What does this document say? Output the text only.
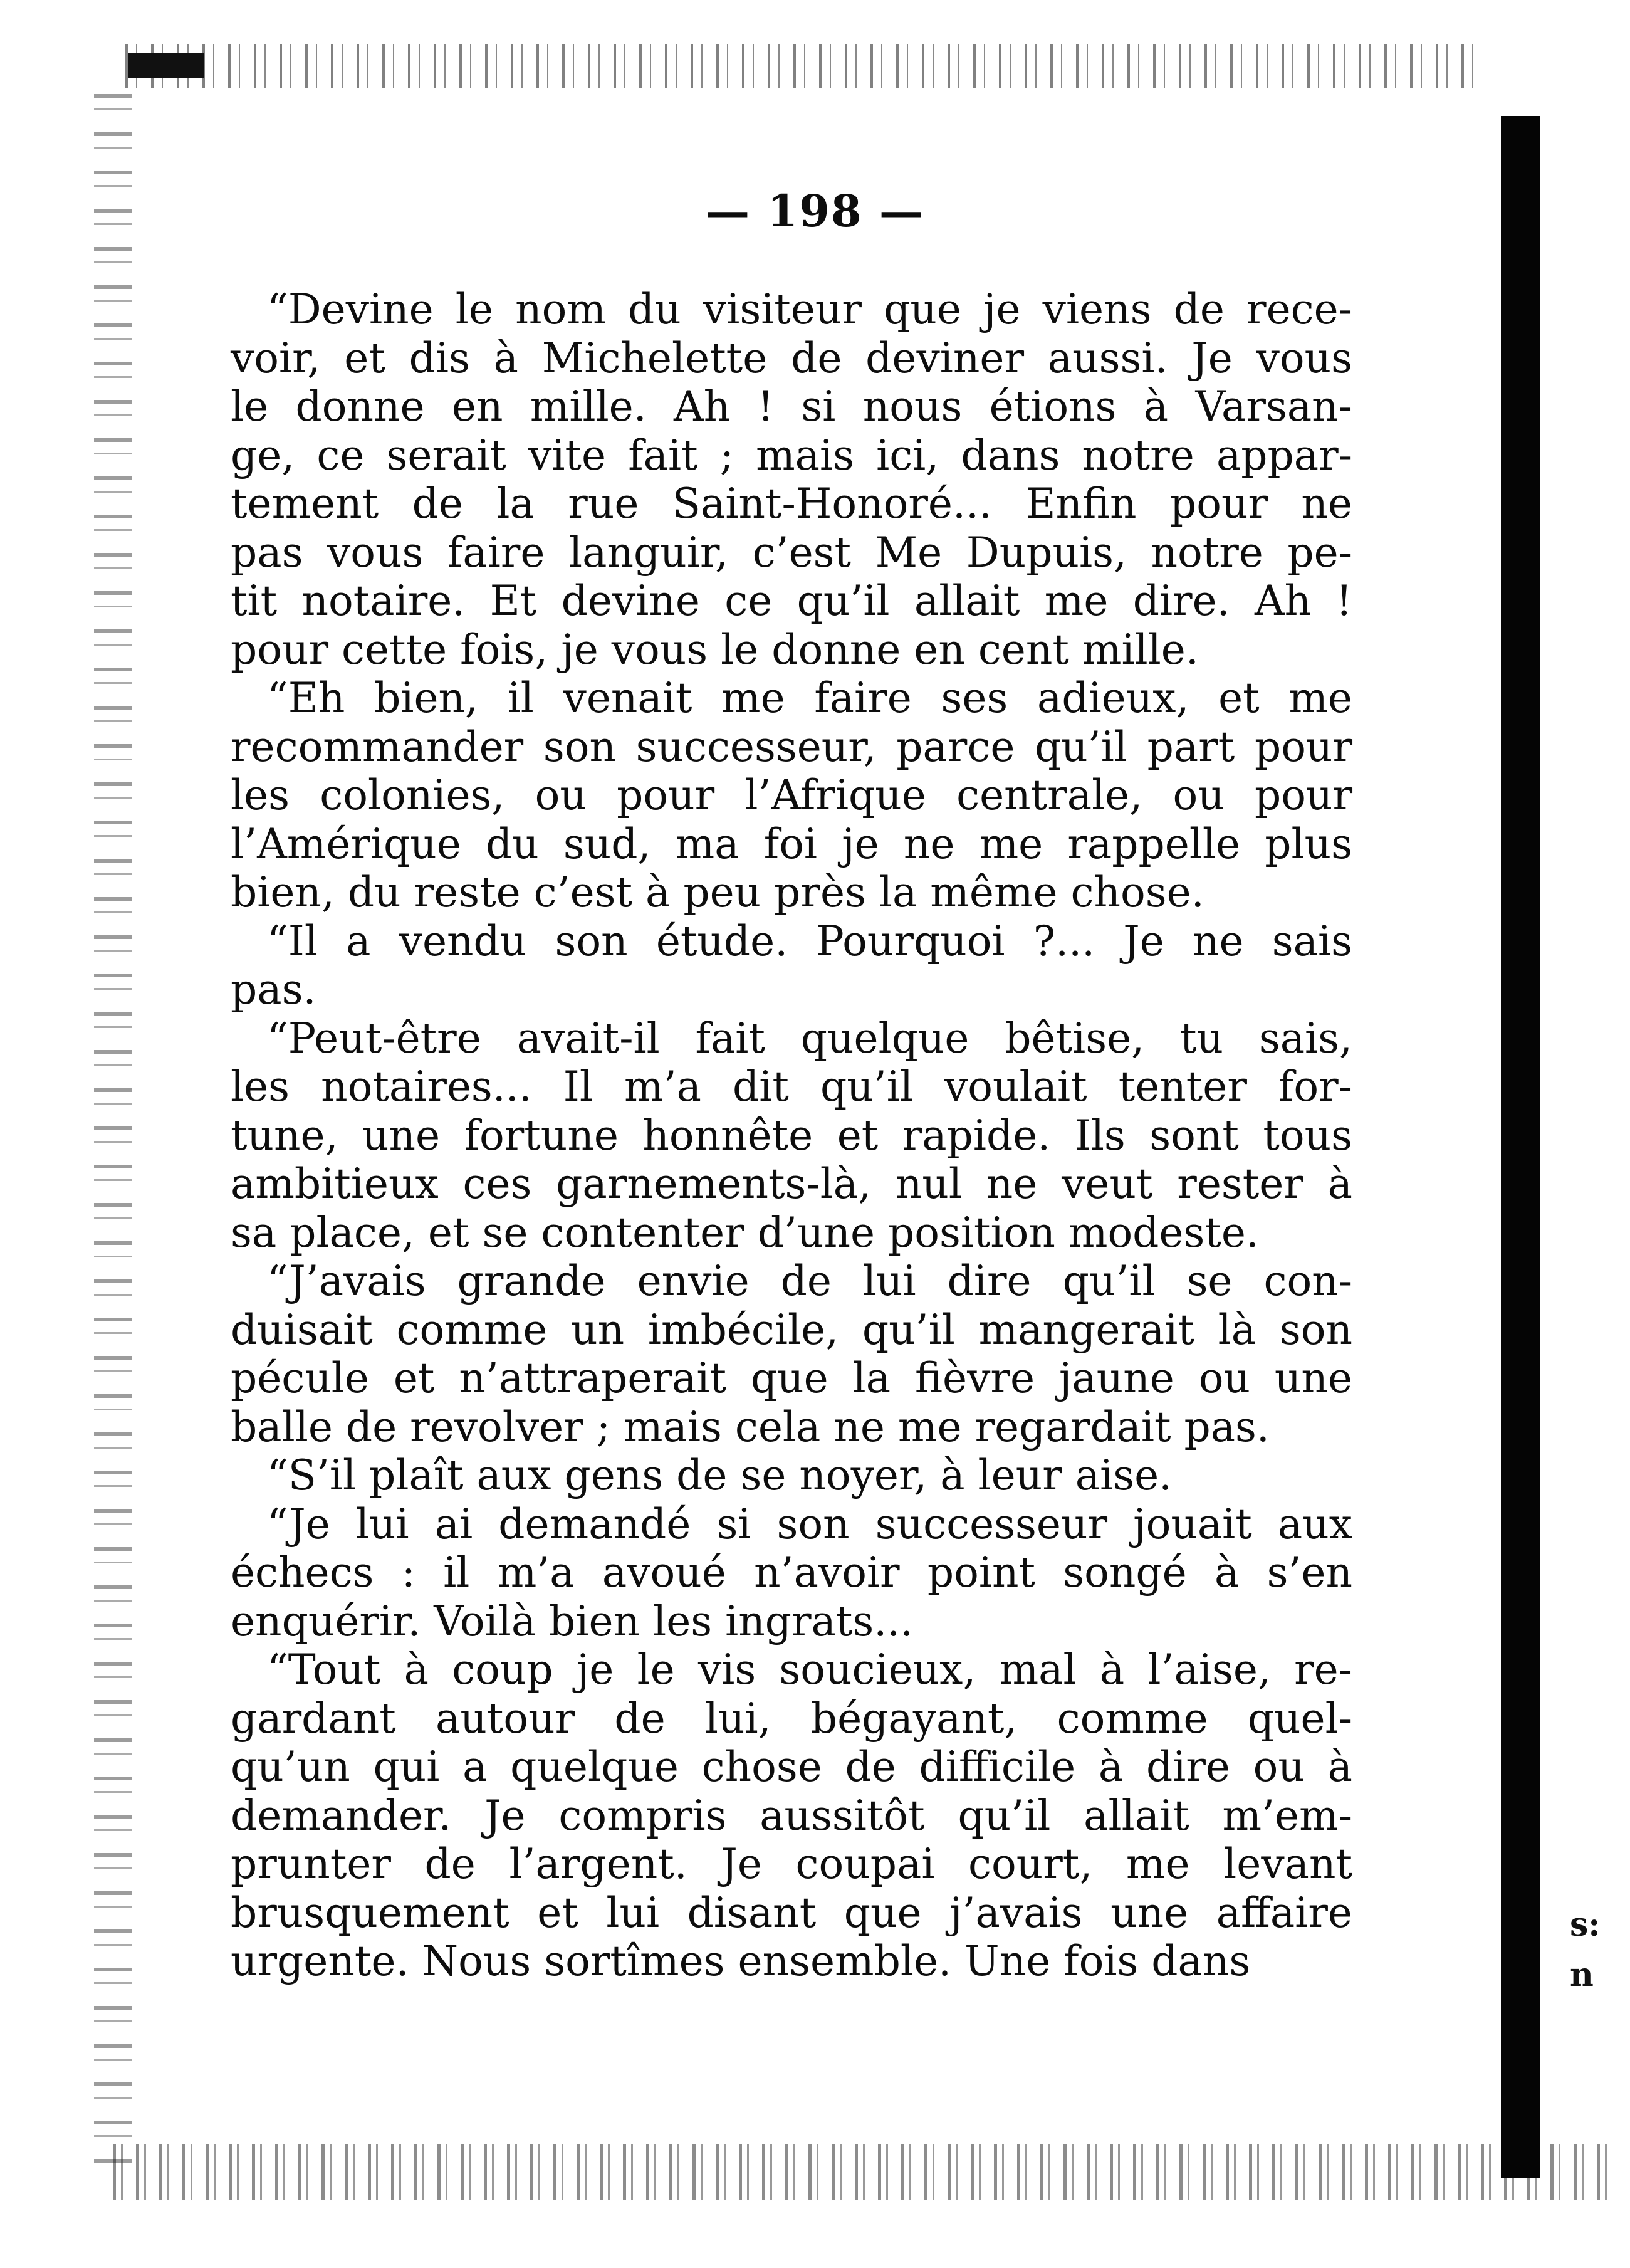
s:
n
— 198 —
“Devine le nom du visiteur que je viens de rece-
voir, et dis à Michelette de deviner aussi. Je vous
le donne en mille. Ah ! si nous étions à Varsan-
ge, ce serait vite fait ; mais ici, dans notre appar-
tement de la rue Saint-Honoré... Enfin pour ne
pas vous faire languir, c’est Me Dupuis, notre pe-
tit notaire. Et devine ce qu’il allait me dire. Ah !
pour cette fois, je vous le donne en cent mille.
“Eh bien, il venait me faire ses adieux, et me
recommander son successeur, parce qu’il part pour
les colonies, ou pour l’Afrique centrale, ou pour
l’Amérique du sud, ma foi je ne me rappelle plus
bien, du reste c’est à peu près la même chose.
“Il a vendu son étude. Pourquoi ?... Je ne sais
pas.
“Peut-être avait-il fait quelque bêtise, tu sais,
les notaires... Il m’a dit qu’il voulait tenter for-
tune, une fortune honnête et rapide. Ils sont tous
ambitieux ces garnements-là, nul ne veut rester à
sa place, et se contenter d’une position modeste.
“J’avais grande envie de lui dire qu’il se con-
duisait comme un imbécile, qu’il mangerait là son
pécule et n’attraperait que la fièvre jaune ou une
balle de revolver ; mais cela ne me regardait pas.
“S’il plaît aux gens de se noyer, à leur aise.
“Je lui ai demandé si son successeur jouait aux
échecs : il m’a avoué n’avoir point songé à s’en
enquérir. Voilà bien les ingrats...
“Tout à coup je le vis soucieux, mal à l’aise, re-
gardant autour de lui, bégayant, comme quel-
qu’un qui a quelque chose de difficile à dire ou à
demander. Je compris aussitôt qu’il allait m’em-
prunter de l’argent. Je coupai court, me levant
brusquement et lui disant que j’avais une affaire
urgente. Nous sortîmes ensemble. Une fois dans
